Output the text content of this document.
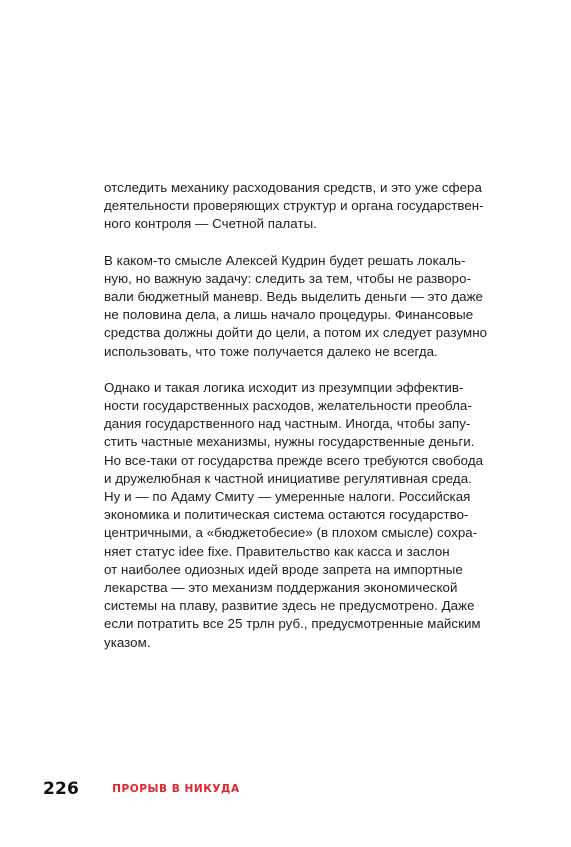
отследить механику расходования средств, и это уже сфера
деятельности проверяющих структур и органа государствен-
ного контроля — Счетной палаты.
В каком-то смысле Алексей Кудрин будет решать локаль-
ную, но важную задачу: следить за тем, чтобы не разворо-
вали бюджетный маневр. Ведь выделить деньги — это даже
не половина дела, а лишь начало процедуры. Финансовые
средства должны дойти до цели, а потом их следует разумно
использовать, что тоже получается далеко не всегда.
Однако и такая логика исходит из презумпции эффектив-
ности государственных расходов, желательности преобла-
дания государственного над частным. Иногда, чтобы запу-
стить частные механизмы, нужны государственные деньги.
Но все-таки от государства прежде всего требуются свобода
и дружелюбная к частной инициативе регулятивная среда.
Ну и — по Адаму Смиту — умеренные налоги. Российская
экономика и политическая система остаются государство-
центричными, а «бюджетобесие» (в плохом смысле) сохра-
няет статус idee fixe. Правительство как касса и заслон
от наиболее одиозных идей вроде запрета на импортные
лекарства — это механизм поддержания экономической
системы на плаву, развитие здесь не предусмотрено. Даже
если потратить все 25 трлн руб., предусмотренные майским
указом.
226	ПРОРЫВ В НИКУДА
